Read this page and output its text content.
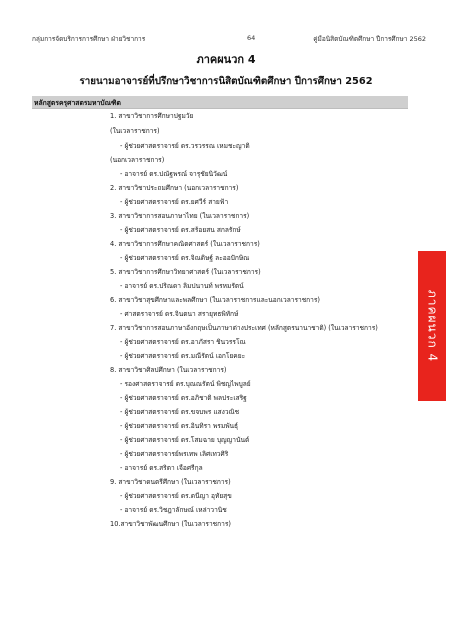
กลุ่มการจัดบริการการศึกษา ฝ่ายวิชาการ	64	คู่มือนิสิตบัณฑิตศึกษา ปีการศึกษา 2562
ภาคผนวก 4
รายนามอาจารย์ที่ปรึกษาวิชาการนิสิตบัณฑิตศึกษา ปีการศึกษา 2562
หลักสูตรครุศาสตรมหาบัณฑิต
1. สาขาวิชาการศึกษาปฐมวัย
(ในเวลาราชการ)
- ผู้ช่วยศาสตราจารย์ ดร.วรวรรณ เหมชะญาติ
(นอกเวลาราชการ)
- อาจารย์ ดร.ปณัฐพรณ์ จารุชัยนิวัฒน์
2. สาขาวิชาประถมศึกษา (นอกเวลาราชการ)
- ผู้ช่วยศาสตราจารย์ ดร.ยศวีร์ สายฟ้า
3. สาขาวิชาการสอนภาษาไทย (ในเวลาราชการ)
- ผู้ช่วยศาสตราจารย์ ดร.สร้อยสน สกลรักษ์
4. สาขาวิชาการศึกษาคณิตศาสตร์ (ในเวลาราชการ)
- ผู้ช่วยศาสตราจารย์ ดร.จิณดิษฐ์ ละออปักษิณ
5. สาขาวิชาการศึกษาวิทยาศาสตร์ (ในเวลาราชการ)
- อาจารย์ ดร.ปริณดา ลิมปนานท์ พรหมรัตน์
6. สาขาวิชาสุขศึกษาและพลศึกษา (ในเวลาราชการและนอกเวลาราชการ)
- ศาสตราจารย์ ดร.จินตนา สรายุทธพิทักษ์
7. สาขาวิชาการสอนภาษาอังกฤษเป็นภาษาต่างประเทศ (หลักสูตรนานาชาติ) (ในเวลาราชการ)
- ผู้ช่วยศาสตราจารย์ ดร.อาภัสรา ชินวรรโณ
- ผู้ช่วยศาสตราจารย์ ดร.มณีรัตน์ เอกโยคยะ
8. สาขาวิชาศิลปศึกษา (ในเวลาราชการ)
- รองศาสตราจารย์ ดร.บุณณรัตน์ พิชญไพบูลย์
- ผู้ช่วยศาสตราจารย์ ดร.อภิชาติ พลประเสริฐ
- ผู้ช่วยศาสตราจารย์ ดร.ขจบพร แสงวณิช
- ผู้ช่วยศาสตราจารย์ ดร.อินทิรา พรมพันธุ์
- ผู้ช่วยศาสตราจารย์ ดร.โสมฉาย บุญญานันต์
- ผู้ช่วยศาสตราจารย์พรเทพ เลิศเทวศิริ
- อาจารย์ ดร.สริตา เจือศรีกุล
9. สาขาวิชาดนตรีศึกษา (ในเวลาราชการ)
- ผู้ช่วยศาสตราจารย์ ดร.ดนีญา อุทัยสุข
- อาจารย์ ดร.วิชฎาลักษณ์ เหล่าวานิช
10.สาขาวิชาพัฒนศึกษา (ในเวลาราชการ)
ภาคผนวก 4
